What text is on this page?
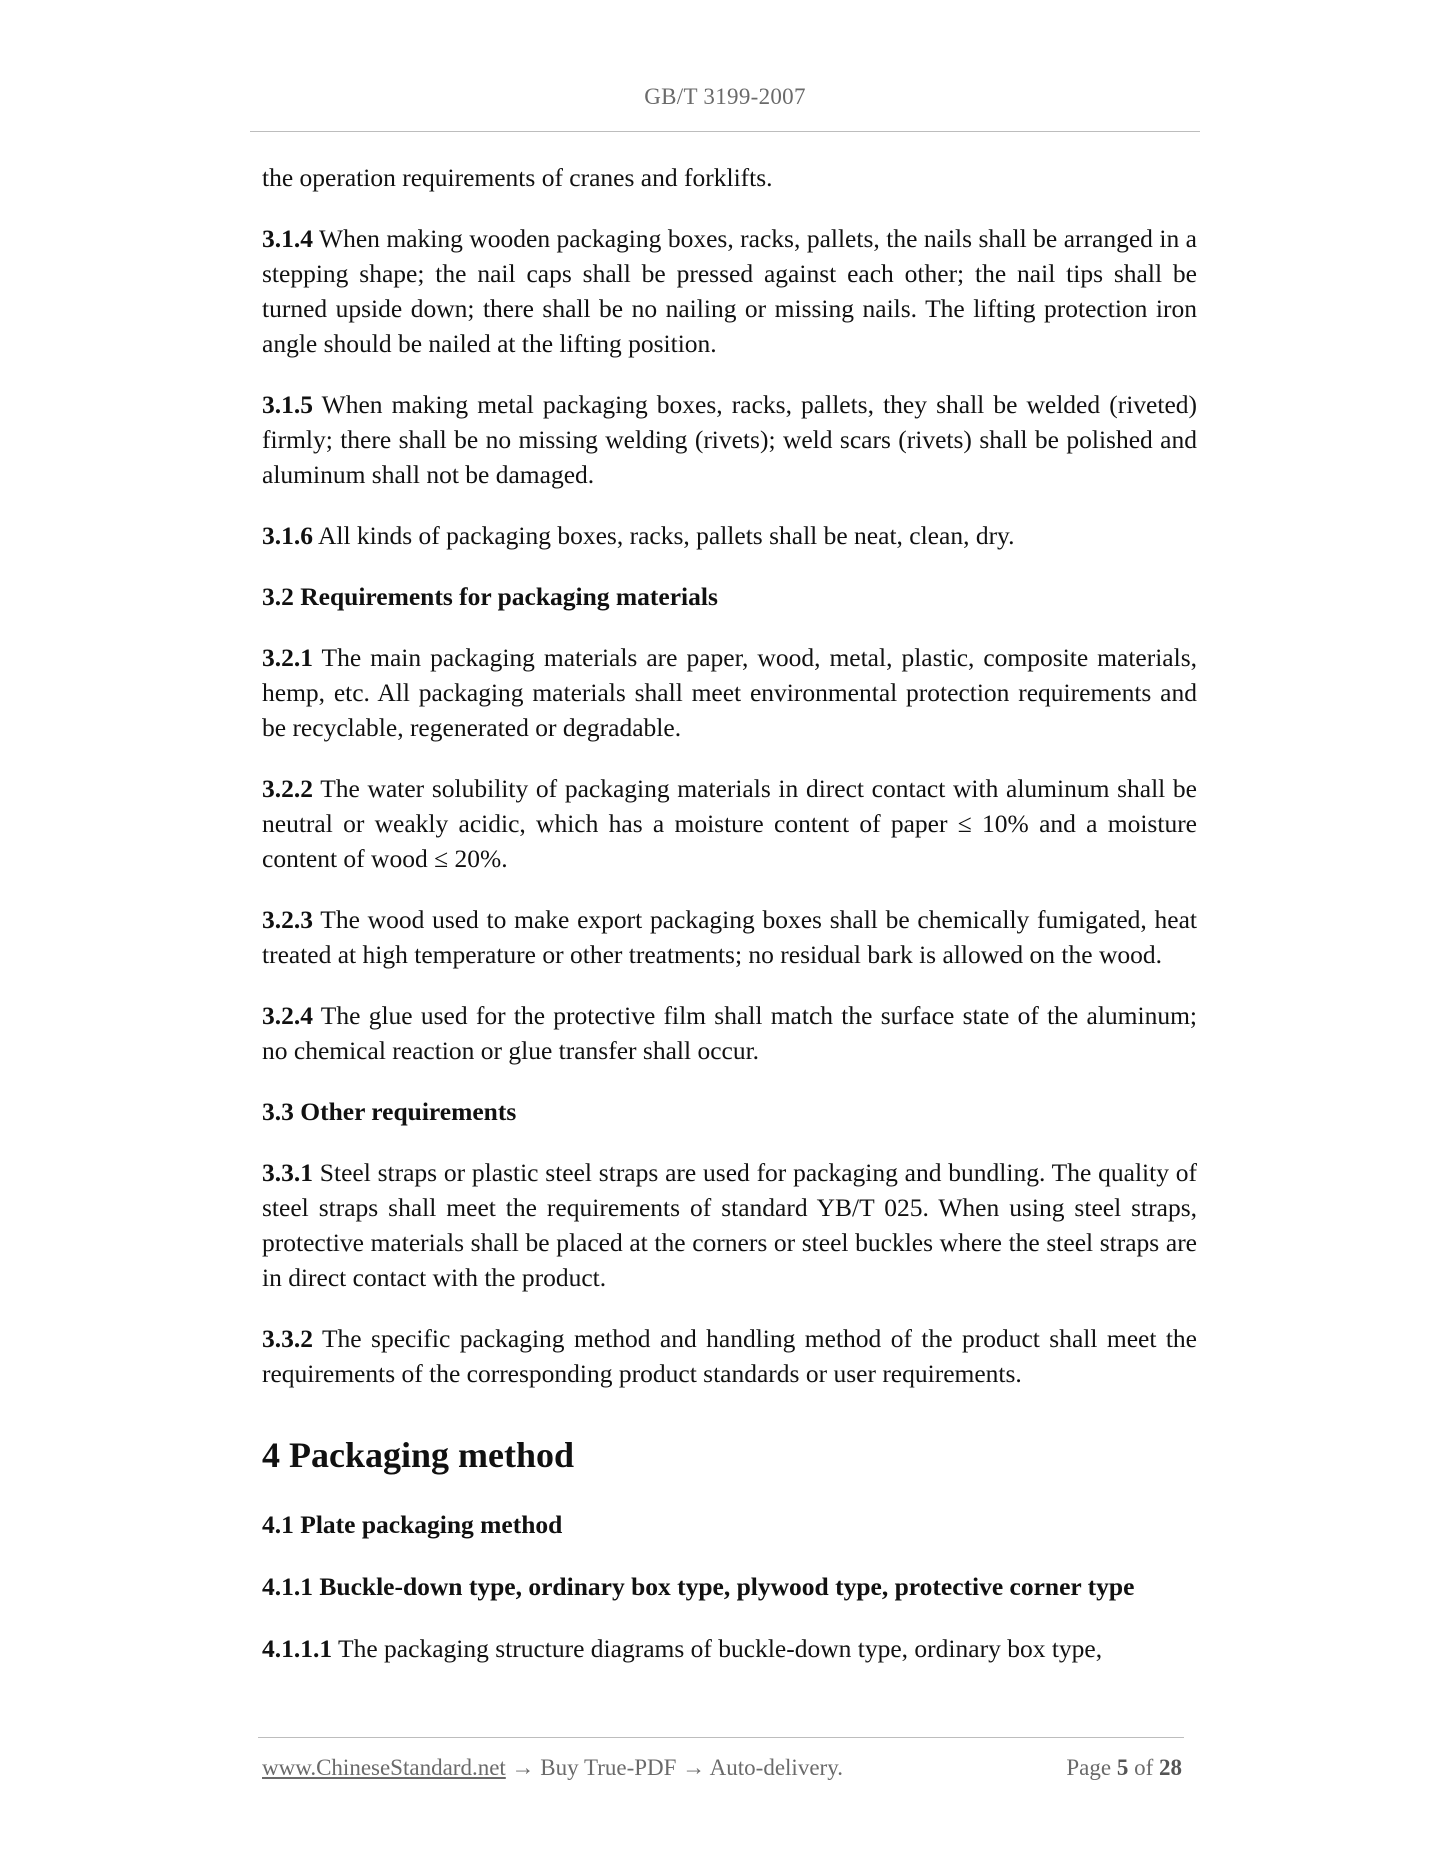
GB/T 3199-2007

the operation requirements of cranes and forklifts.

3.1.4 When making wooden packaging boxes, racks, pallets, the nails shall be arranged in a stepping shape; the nail caps shall be pressed against each other; the nail tips shall be turned upside down; there shall be no nailing or missing nails. The lifting protection iron angle should be nailed at the lifting position.

3.1.5 When making metal packaging boxes, racks, pallets, they shall be welded (riveted) firmly; there shall be no missing welding (rivets); weld scars (rivets) shall be polished and aluminum shall not be damaged.

3.1.6 All kinds of packaging boxes, racks, pallets shall be neat, clean, dry.

3.2 Requirements for packaging materials

3.2.1 The main packaging materials are paper, wood, metal, plastic, composite materials, hemp, etc. All packaging materials shall meet environmental protection requirements and be recyclable, regenerated or degradable.

3.2.2 The water solubility of packaging materials in direct contact with aluminum shall be neutral or weakly acidic, which has a moisture content of paper ≤ 10% and a moisture content of wood ≤ 20%.

3.2.3 The wood used to make export packaging boxes shall be chemically fumigated, heat treated at high temperature or other treatments; no residual bark is allowed on the wood.

3.2.4 The glue used for the protective film shall match the surface state of the aluminum; no chemical reaction or glue transfer shall occur.

3.3 Other requirements

3.3.1 Steel straps or plastic steel straps are used for packaging and bundling. The quality of steel straps shall meet the requirements of standard YB/T 025. When using steel straps, protective materials shall be placed at the corners or steel buckles where the steel straps are in direct contact with the product.

3.3.2 The specific packaging method and handling method of the product shall meet the requirements of the corresponding product standards or user requirements.

4 Packaging method

4.1 Plate packaging method

4.1.1 Buckle-down type, ordinary box type, plywood type, protective corner type

4.1.1.1 The packaging structure diagrams of buckle-down type, ordinary box type,

www.ChineseStandard.net → Buy True-PDF → Auto-delivery.	Page 5 of 28
